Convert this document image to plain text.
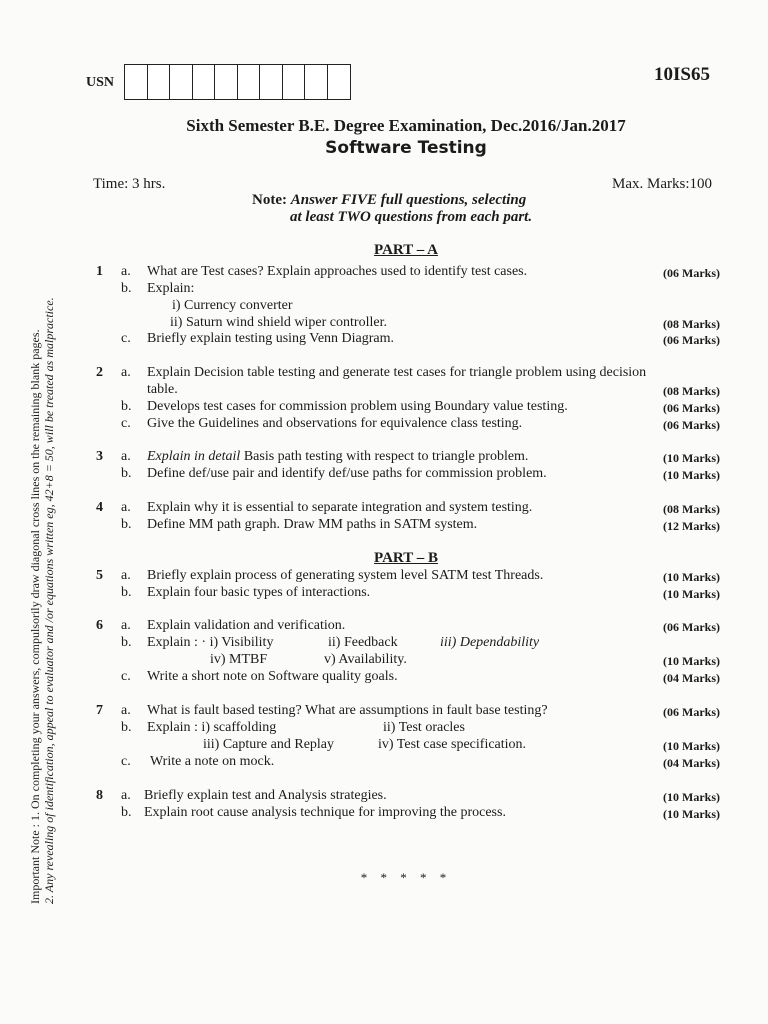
Important Note : 1. On completing your answers, compulsorily draw diagonal cross lines on the remaining blank pages. 2. Any revealing of identification, appeal to evaluator and /or equations written eg, 42+8 = 50, will be treated as malpractice.
USN	10IS65
Sixth Semester B.E. Degree Examination, Dec.2016/Jan.2017
Software Testing
Time: 3 hrs.	Max. Marks:100
Note: Answer FIVE full questions, selecting
at least TWO questions from each part.
PART – A
1 a. What are Test cases? Explain approaches used to identify test cases.	(06 Marks)
b. Explain:
i) Currency converter
ii) Saturn wind shield wiper controller.	(08 Marks)
c. Briefly explain testing using Venn Diagram.	(06 Marks)
2 a. Explain Decision table testing and generate test cases for triangle problem using decision
table.	(08 Marks)
b. Develops test cases for commission problem using Boundary value testing.	(06 Marks)
c. Give the Guidelines and observations for equivalence class testing.	(06 Marks)
3 a. Explain in detail Basis path testing with respect to triangle problem.	(10 Marks)
b. Define def/use pair and identify def/use paths for commission problem.	(10 Marks)
4 a. Explain why it is essential to separate integration and system testing.	(08 Marks)
b. Define MM path graph. Draw MM paths in SATM system.	(12 Marks)
PART – B
5 a. Briefly explain process of generating system level SATM test Threads.	(10 Marks)
b. Explain four basic types of interactions.	(10 Marks)
6 a. Explain validation and verification.	(06 Marks)
b. Explain : · i) Visibility	ii) Feedback	iii) Dependability
iv) MTBF	v) Availability.	(10 Marks)
c. Write a short note on Software quality goals.	(04 Marks)
7 a. What is fault based testing? What are assumptions in fault base testing?	(06 Marks)
b. Explain : i) scaffolding	ii) Test oracles
iii) Capture and Replay	iv) Test case specification.	(10 Marks)
c. Write a note on mock.	(04 Marks)
8 a. Briefly explain test and Analysis strategies.	(10 Marks)
b. Explain root cause analysis technique for improving the process.	(10 Marks)
* * * * *
